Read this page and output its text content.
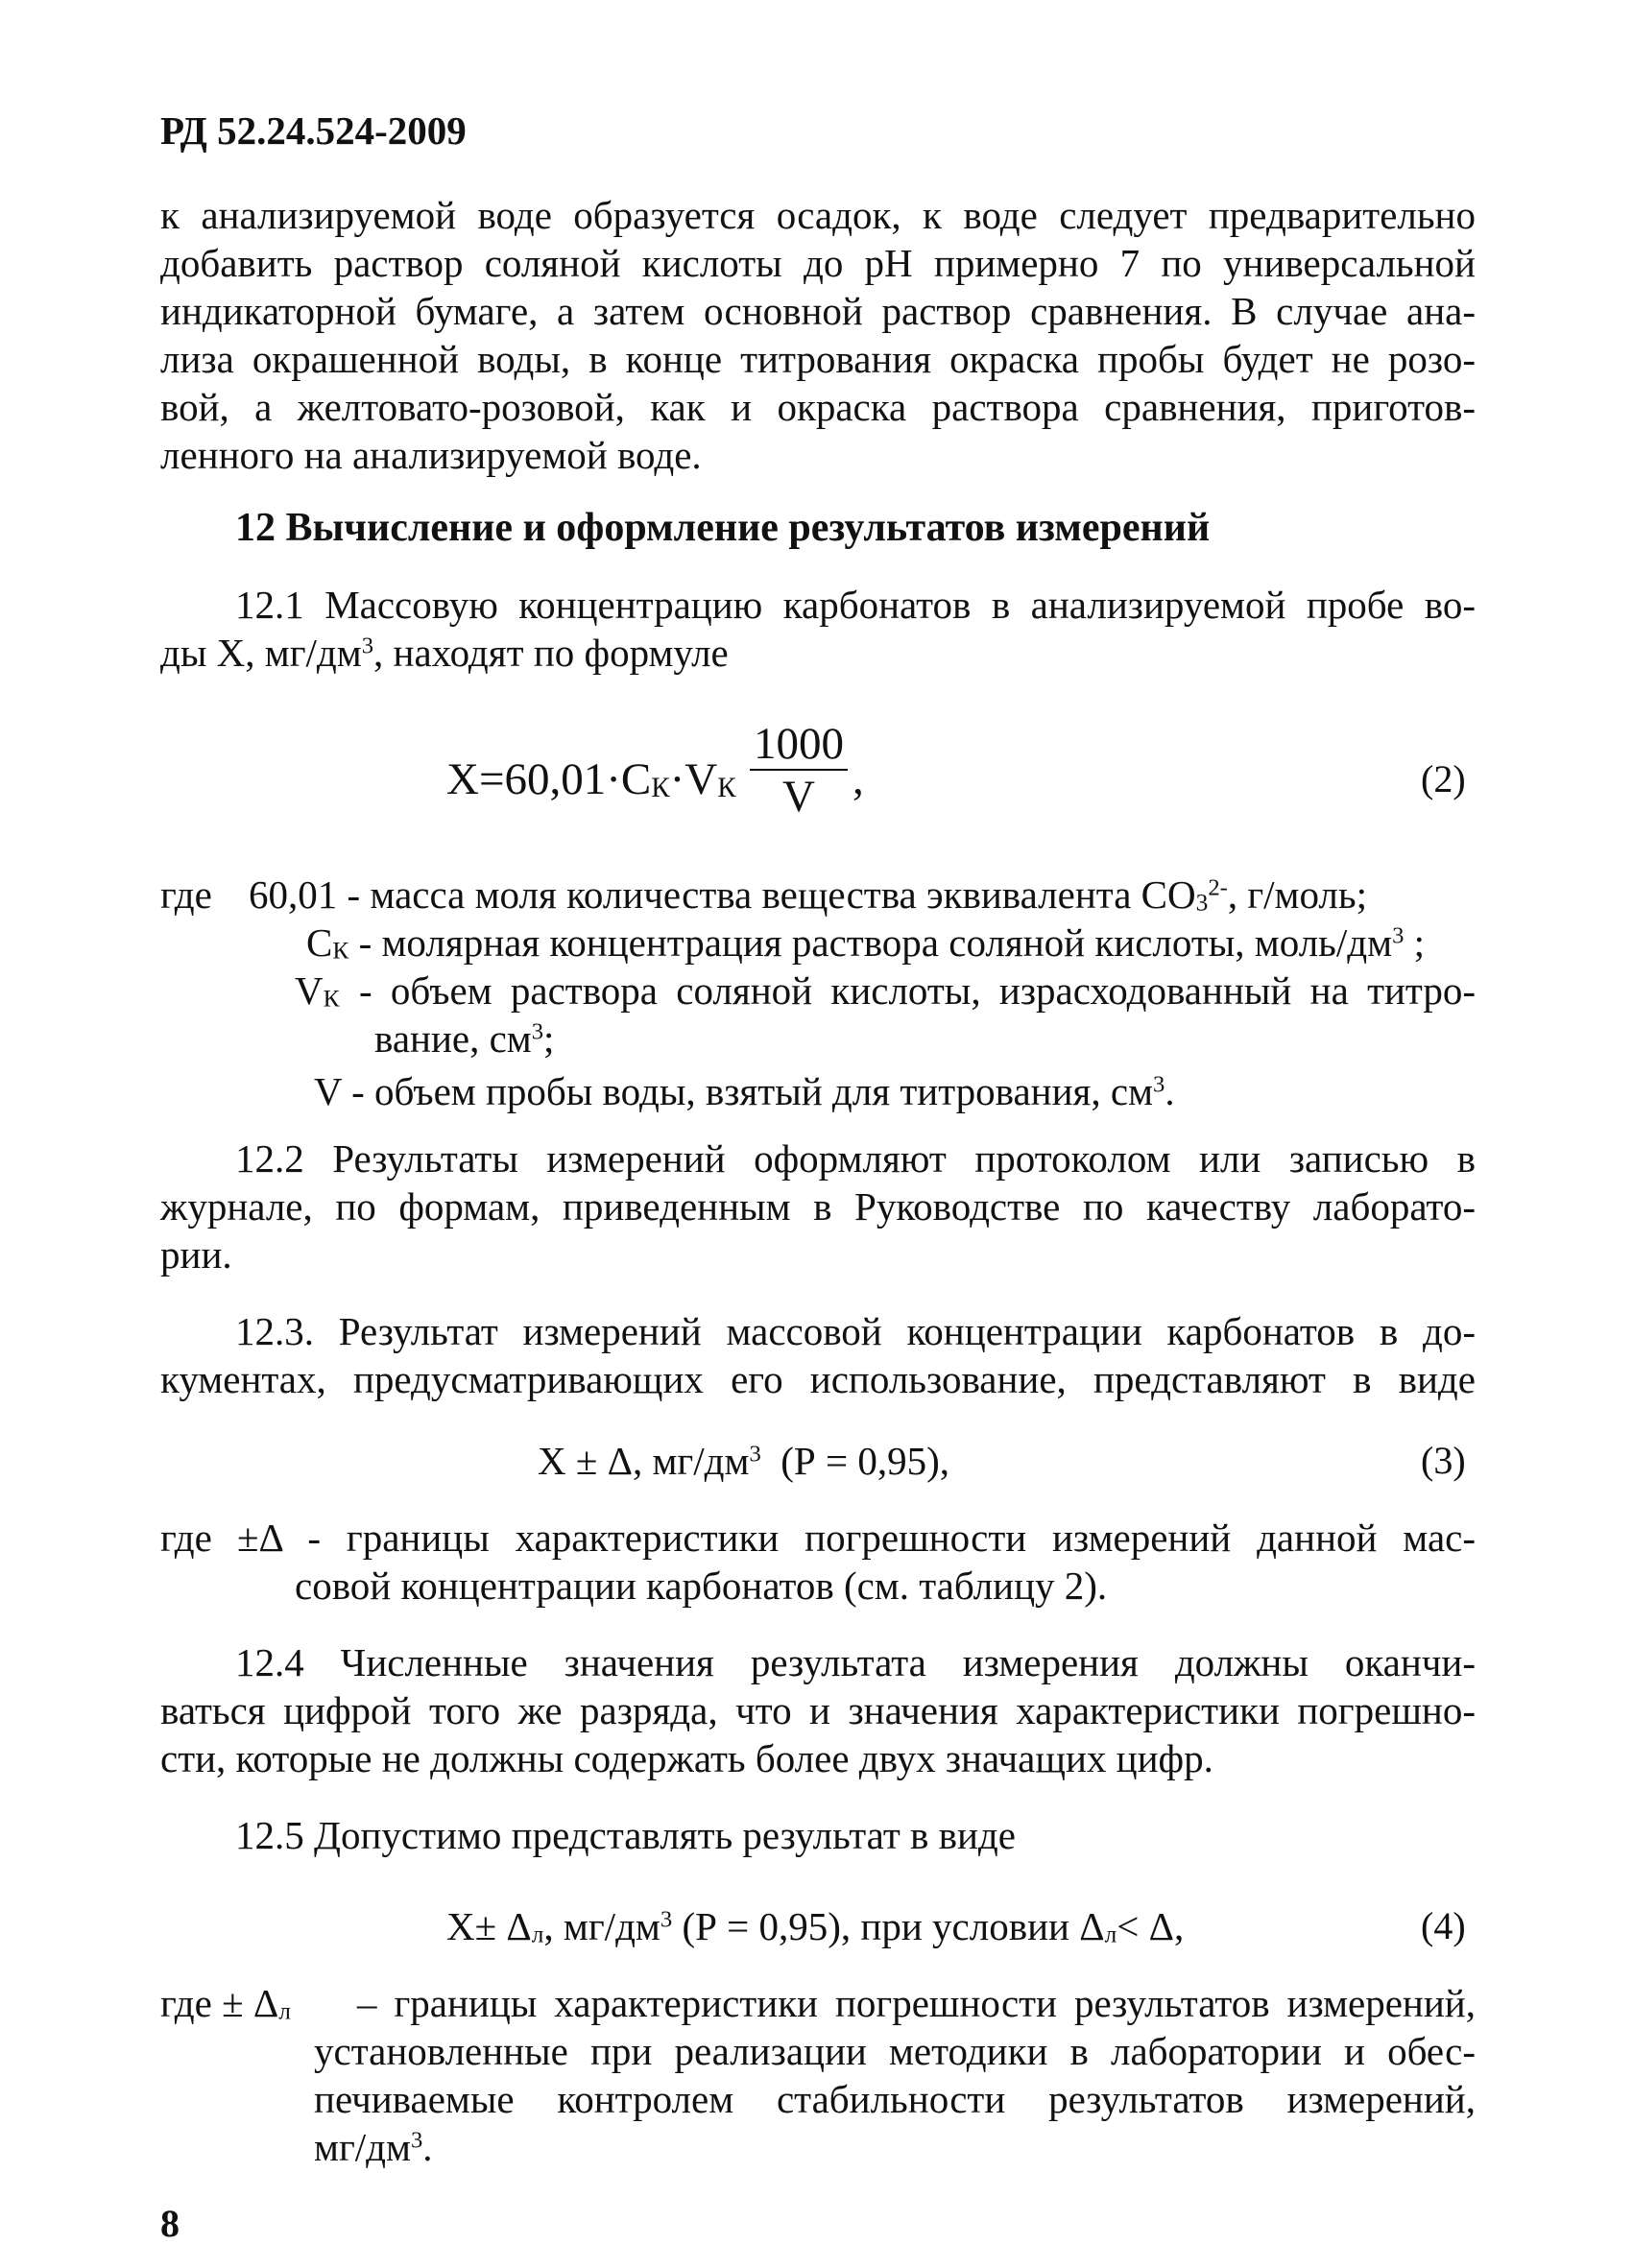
РД 52.24.524-2009
к анализируемой воде образуется осадок, к воде следует предварительно
добавить раствор соляной кислоты до рН примерно 7 по универсальной
индикаторной бумаге, а затем основной раствор сравнения. В случае ана-
лиза окрашенной воды, в конце титрования окраска пробы будет не розо-
вой, а желтовато-розовой, как и окраска раствора сравнения, приготов-
ленного на анализируемой воде.
12 Вычисление и оформление результатов измерений
12.1 Массовую концентрацию карбонатов в анализируемой пробе во-
ды Х, $мг/дм^3$, находят по формуле
$Х=60,01\cdot СК\cdot VК \frac{1000}{V}$ ,	(2)
где 60,01 - масса моля количества вещества эквивалента $СО3^{2-}$, г/моль;
СК - молярная концентрация раствора соляной кислоты, моль/$дм^3$ ;
VК - объем раствора соляной кислоты, израсходованный на титро-
вание, $см^3$;
V - объем пробы воды, взятый для титрования, $см^3$.
12.2 Результаты измерений оформляют протоколом или записью в
журнале, по формам, приведенным в Руководстве по качеству лаборато-
рии.
12.3. Результат измерений массовой концентрации карбонатов в до-
кументах, предусматривающих его использование, представляют в виде
Х ± Δ, $мг/дм^3$  (Р = 0,95),	(3)
где ±Δ - границы характеристики погрешности измерений данной мас-
совой концентрации карбонатов (см. таблицу 2).
12.4 Численные значения результата измерения должны оканчи-
ваться цифрой того же разряда, что и значения характеристики погрешно-
сти, которые не должны содержать более двух значащих цифр.
12.5 Допустимо представлять результат в виде
Х± Δл, $мг/дм^3$ (Р = 0,95), при условии Δл< Δ,	(4)
где ± Δл – границы характеристики погрешности результатов измерений,
установленные при реализации методики в лаборатории и обес-
печиваемые контролем стабильности результатов измерений,
$мг/дм^3$.
8
